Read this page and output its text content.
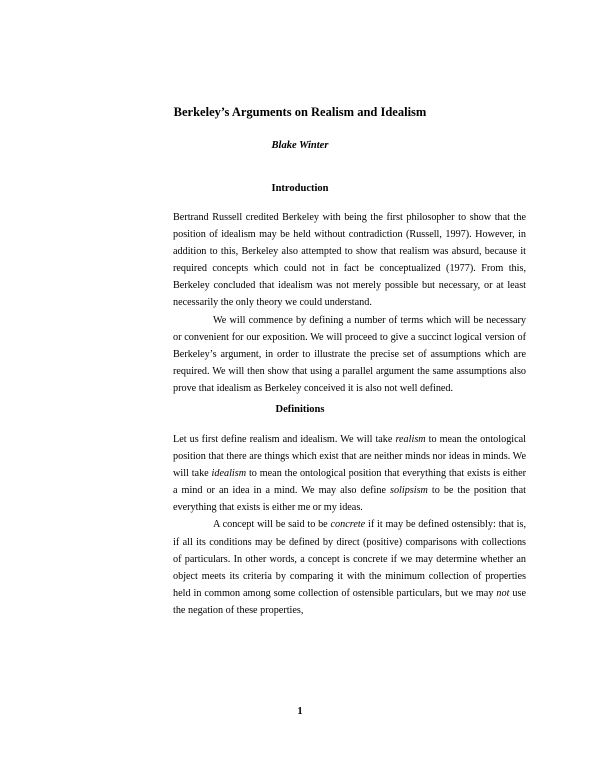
Berkeley’s Arguments on Realism and Idealism
Blake Winter
Introduction

Bertrand Russell credited Berkeley with being the first philosopher to show that the position of idealism may be held without contradiction (Russell, 1997). However, in addition to this, Berkeley also attempted to show that realism was absurd, because it required concepts which could not in fact be conceptualized (1977). From this, Berkeley concluded that idealism was not merely possible but necessary, or at least necessarily the only theory we could understand.

We will commence by defining a number of terms which will be necessary or convenient for our exposition. We will proceed to give a succinct logical version of Berkeley’s argument, in order to illustrate the precise set of assumptions which are required. We will then show that using a parallel argument the same assumptions also prove that idealism as Berkeley conceived it is also not well defined.

Definitions

Let us first define realism and idealism. We will take realism to mean the ontological position that there are things which exist that are neither minds nor ideas in minds. We will take idealism to mean the ontological position that everything that exists is either a mind or an idea in a mind. We may also define solipsism to be the position that everything that exists is either me or my ideas.

A concept will be said to be concrete if it may be defined ostensibly: that is, if all its conditions may be defined by direct (positive) comparisons with collections of particulars. In other words, a concept is concrete if we may determine whether an object meets its criteria by comparing it with the minimum collection of properties held in common among some collection of ostensible particulars, but we may not use the negation of these properties,

1
